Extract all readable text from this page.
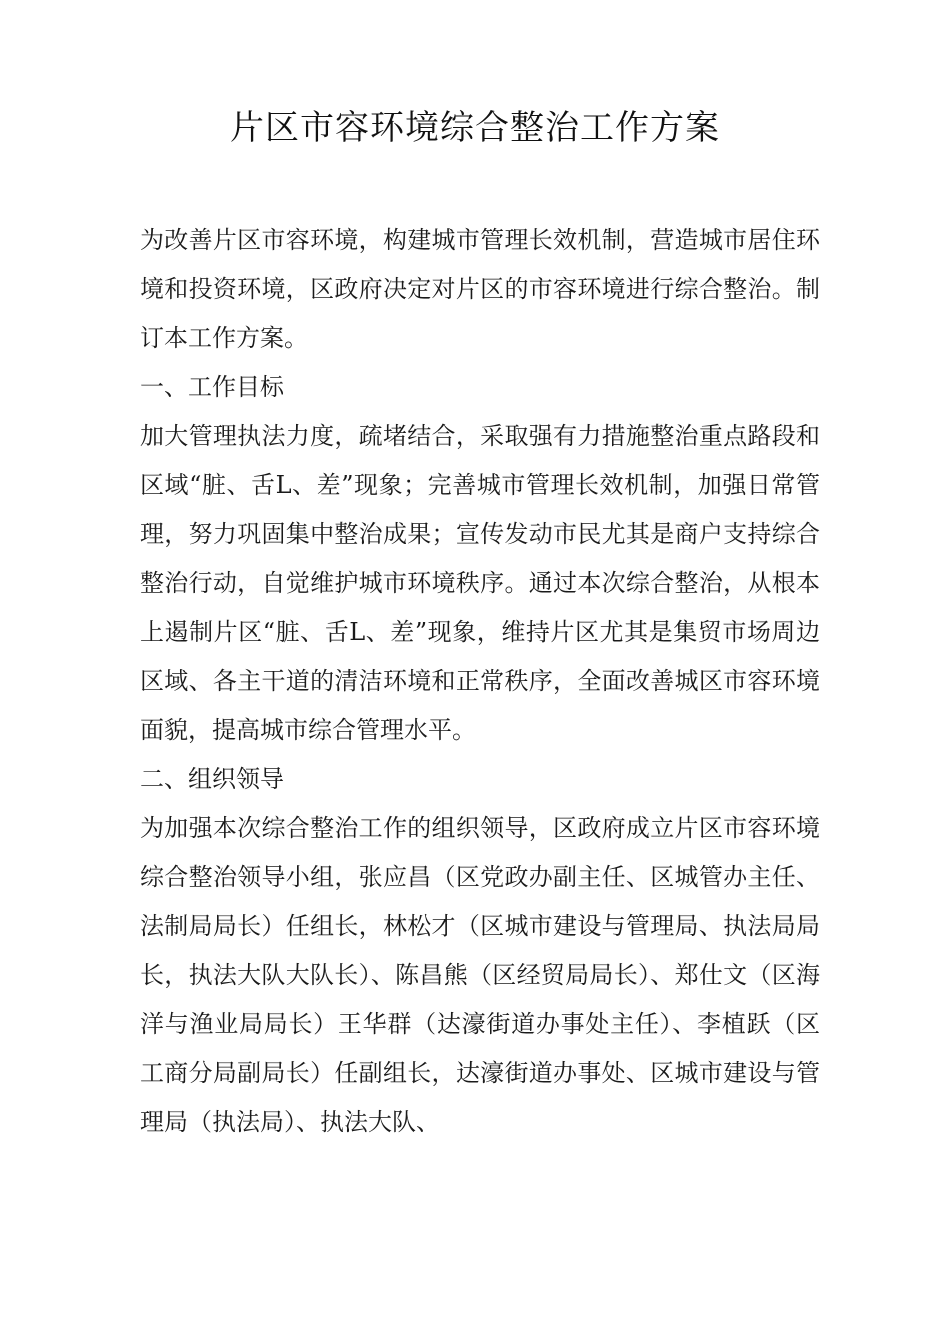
片区市容环境综合整治工作方案

为改善片区市容环境，构建城市管理长效机制，营造城市居住环境和投资环境，区政府决定对片区的市容环境进行综合整治。制订本工作方案。

一、工作目标

加大管理执法力度，疏堵结合，采取强有力措施整治重点路段和区域“脏、舌L、差”现象；完善城市管理长效机制，加强日常管理，努力巩固集中整治成果；宣传发动市民尤其是商户支持综合整治行动，自觉维护城市环境秩序。通过本次综合整治，从根本上遏制片区“脏、舌L、差”现象，维持片区尤其是集贸市场周边区域、各主干道的清洁环境和正常秩序，全面改善城区市容环境面貌，提高城市综合管理水平。

二、组织领导

为加强本次综合整治工作的组织领导，区政府成立片区市容环境综合整治领导小组，张应昌（区党政办副主任、区城管办主任、法制局局长）任组长，林松才（区城市建设与管理局、执法局局长，执法大队大队长）、陈昌熊（区经贸局局长）、郑仕文（区海洋与渔业局局长）王华群（达濠街道办事处主任）、李植跃（区工商分局副局长）任副组长，达濠街道办事处、区城市建设与管理局（执法局）、执法大队、
